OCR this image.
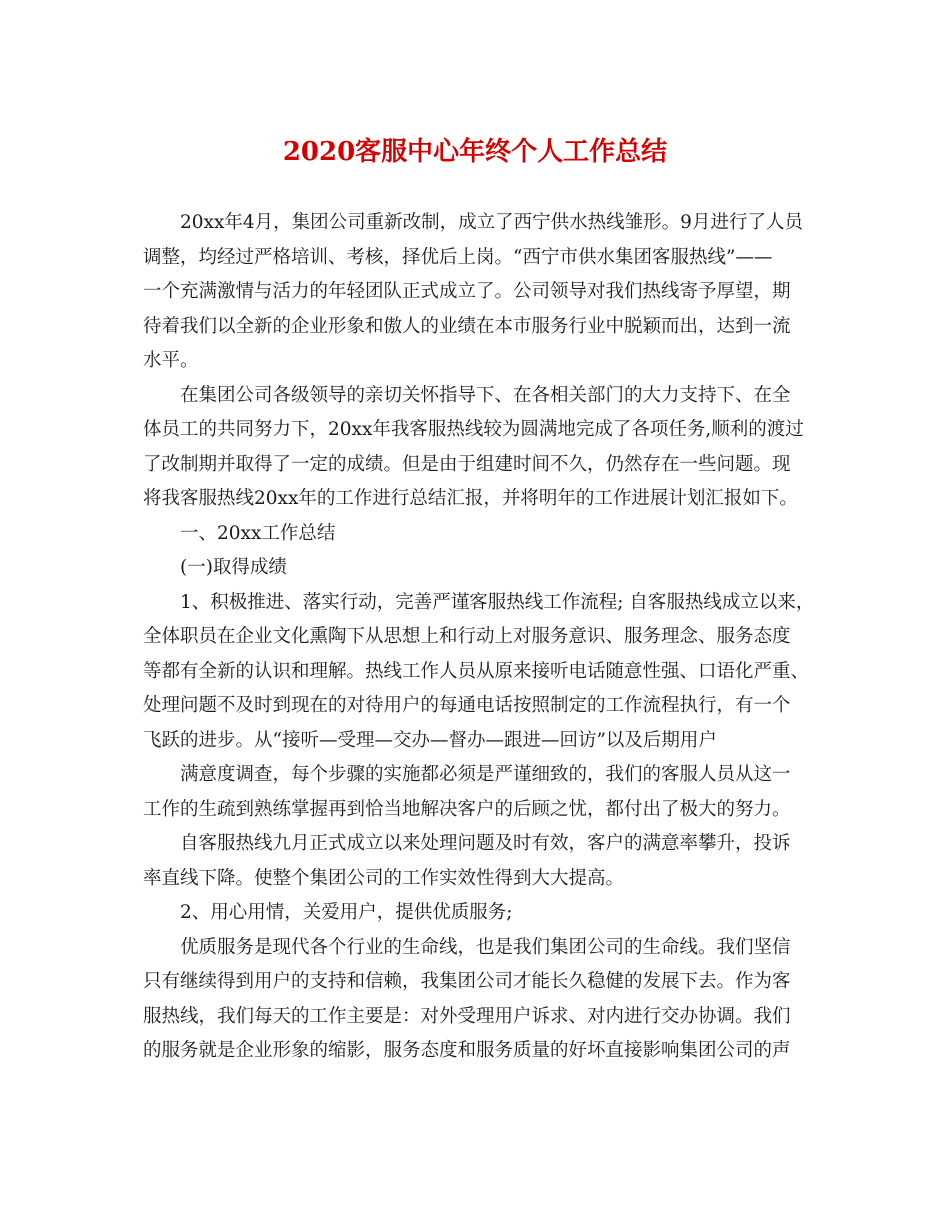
2020客服中心年终个人工作总结
20xx年4月，集团公司重新改制，成立了西宁供水热线雏形。9月进行了人员
调整，均经过严格培训、考核，择优后上岗。“西宁市供水集团客服热线”——
一个充满激情与活力的年轻团队正式成立了。公司领导对我们热线寄予厚望，期
待着我们以全新的企业形象和傲人的业绩在本市服务行业中脱颖而出，达到一流
水平。
在集团公司各级领导的亲切关怀指导下、在各相关部门的大力支持下、在全
体员工的共同努力下，20xx年我客服热线较为圆满地完成了各项任务,顺利的渡过
了改制期并取得了一定的成绩。但是由于组建时间不久，仍然存在一些问题。现
将我客服热线20xx年的工作进行总结汇报，并将明年的工作进展计划汇报如下。
一、20xx工作总结
(一)取得成绩
1、积极推进、落实行动，完善严谨客服热线工作流程; 自客服热线成立以来，
全体职员在企业文化熏陶下从思想上和行动上对服务意识、服务理念、服务态度
等都有全新的认识和理解。热线工作人员从原来接听电话随意性强、口语化严重、
处理问题不及时到现在的对待用户的每通电话按照制定的工作流程执行，有一个
飞跃的进步。从“接听—受理—交办—督办—跟进—回访”以及后期用户
满意度调查，每个步骤的实施都必须是严谨细致的，我们的客服人员从这一
工作的生疏到熟练掌握再到恰当地解决客户的后顾之忧，都付出了极大的努力。
自客服热线九月正式成立以来处理问题及时有效，客户的满意率攀升，投诉
率直线下降。使整个集团公司的工作实效性得到大大提高。
2、用心用情，关爱用户，提供优质服务;
优质服务是现代各个行业的生命线，也是我们集团公司的生命线。我们坚信
只有继续得到用户的支持和信赖，我集团公司才能长久稳健的发展下去。作为客
服热线，我们每天的工作主要是：对外受理用户诉求、对内进行交办协调。我们
的服务就是企业形象的缩影，服务态度和服务质量的好坏直接影响集团公司的声
